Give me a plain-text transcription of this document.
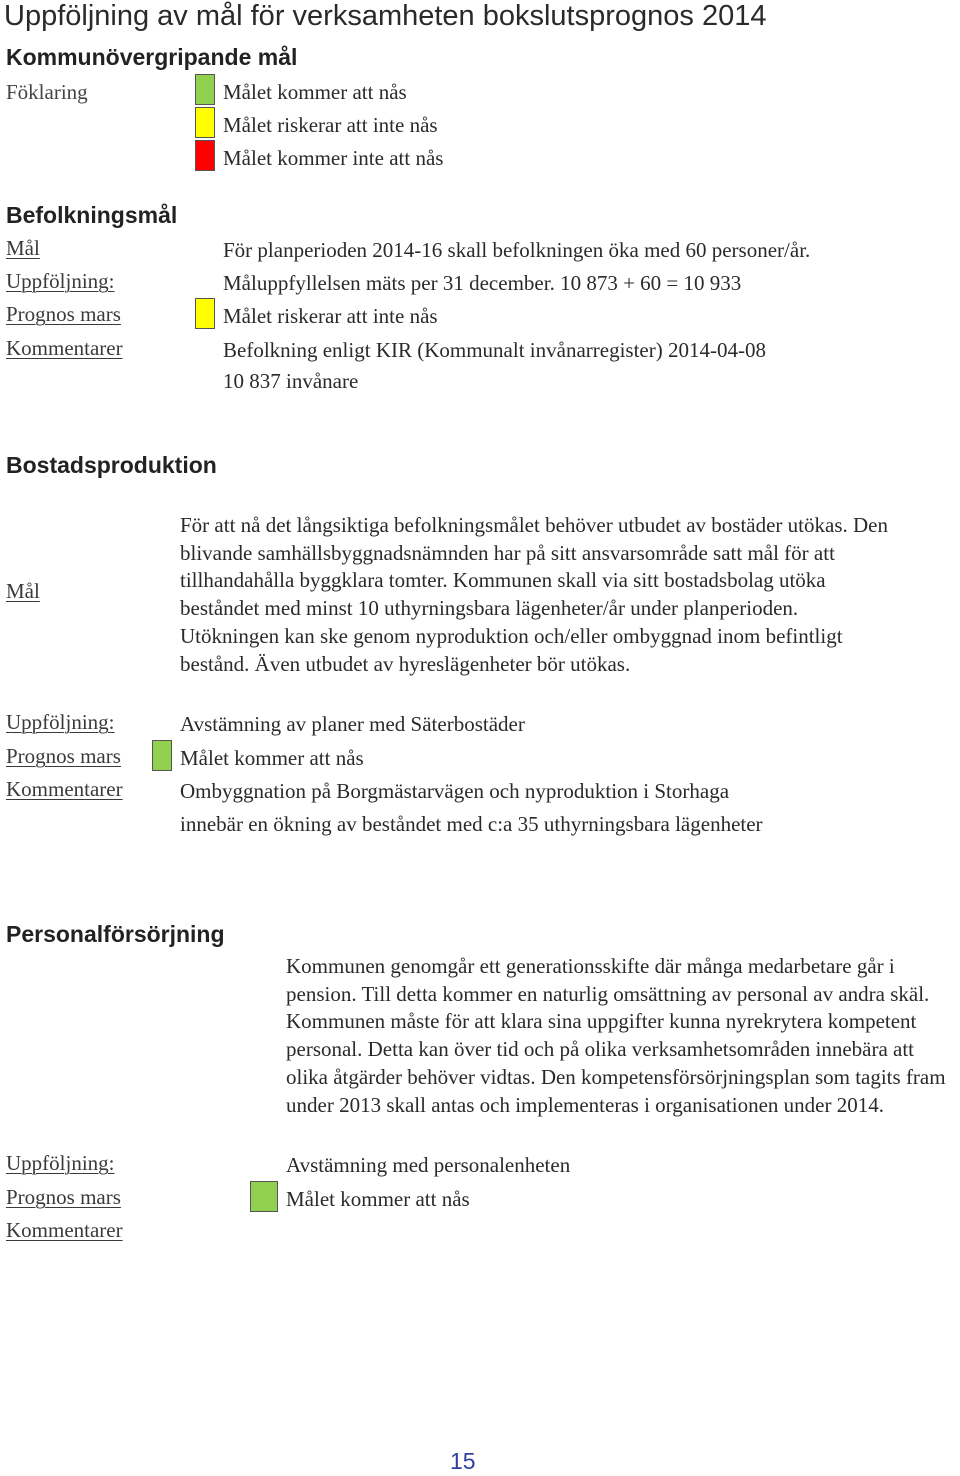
Uppföljning av mål för verksamheten bokslutsprognos 2014
Kommunövergripande mål
Föklaring	Målet kommer att nås
Målet riskerar att inte nås
Målet kommer inte att nås
Befolkningsmål
Mål	För planperioden 2014-16 skall befolkningen öka med 60 personer/år.
Uppföljning:	Måluppfyllelsen mäts per 31 december. 10 873 + 60 = 10 933
Prognos mars	Målet riskerar att inte nås
Kommentarer	Befolkning enligt KIR (Kommunalt invånarregister) 2014-04-08
10 837 invånare
Bostadsproduktion
Mål
För att nå det långsiktiga befolkningsmålet behöver utbudet av bostäder utökas. Den blivande samhällsbyggnadsnämnden har på sitt ansvarsområde satt mål för att tillhandahålla byggklara tomter. Kommunen skall via sitt bostadsbolag utöka beståndet med minst 10 uthyrningsbara lägenheter/år under planperioden. Utökningen kan ske genom nyproduktion och/eller ombyggnad inom befintligt bestånd. Även utbudet av hyreslägenheter bör utökas.
Uppföljning:	Avstämning av planer med Säterbostäder
Prognos mars	Målet kommer att nås
Kommentarer	Ombyggnation på Borgmästarvägen och nyproduktion i Storhaga
innebär en ökning av beståndet med c:a 35 uthyrningsbara lägenheter
Personalförsörjning
Kommunen genomgår ett generationsskifte där många medarbetare går i pension. Till detta kommer en naturlig omsättning av personal av andra skäl. Kommunen måste för att klara sina uppgifter kunna nyrekrytera kompetent personal. Detta kan över tid och på olika verksamhetsområden innebära att olika åtgärder behöver vidtas. Den kompetensförsörjningsplan som tagits fram under 2013 skall antas och implementeras i organisationen under 2014.
Uppföljning:	Avstämning med personalenheten
Prognos mars	Målet kommer att nås
Kommentarer
15
